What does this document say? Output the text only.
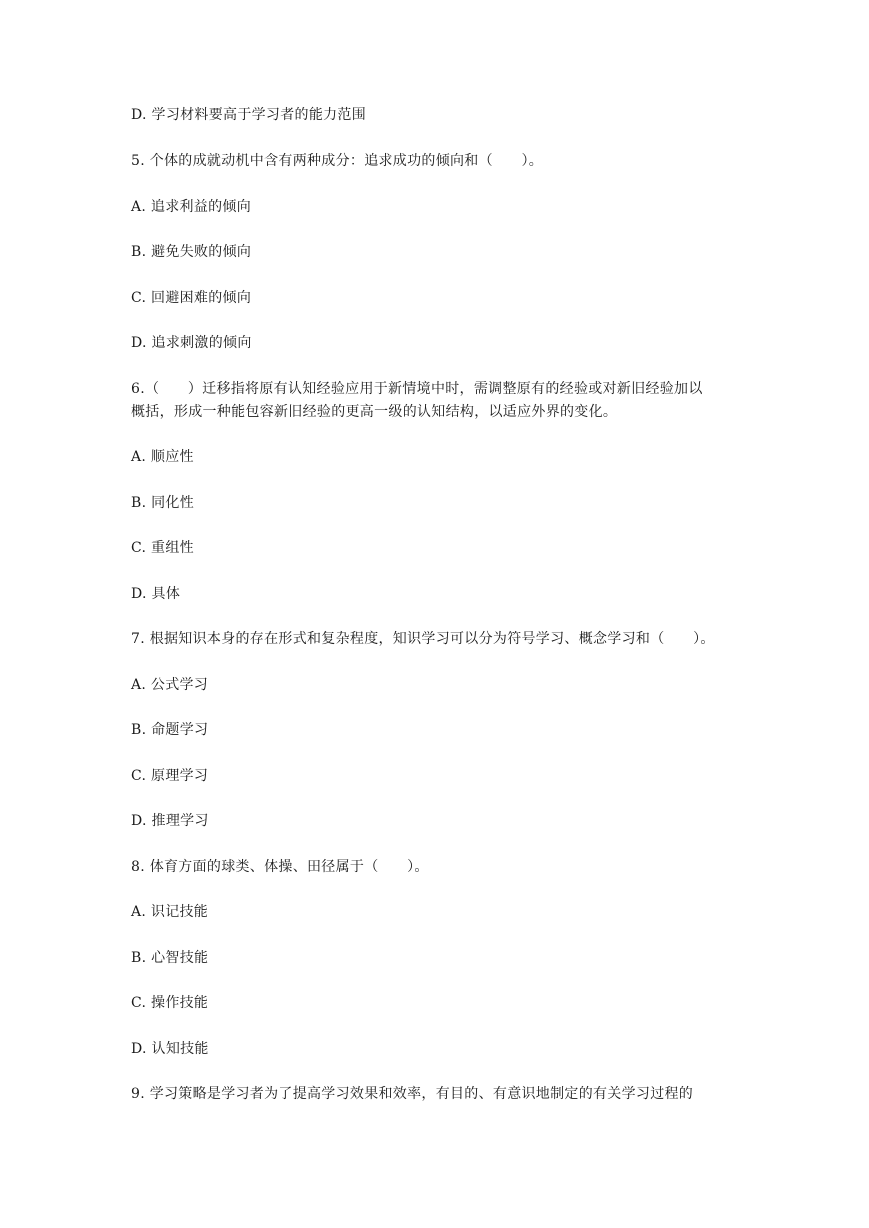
D. 学习材料要高于学习者的能力范围
5. 个体的成就动机中含有两种成分：追求成功的倾向和（　　）。
A. 追求利益的倾向
B. 避免失败的倾向
C. 回避困难的倾向
D. 追求刺激的倾向
6.（　　）迁移指将原有认知经验应用于新情境中时，需调整原有的经验或对新旧经验加以
概括，形成一种能包容新旧经验的更高一级的认知结构，以适应外界的变化。
A. 顺应性
B. 同化性
C. 重组性
D. 具体
7. 根据知识本身的存在形式和复杂程度，知识学习可以分为符号学习、概念学习和（　　）。
A. 公式学习
B. 命题学习
C. 原理学习
D. 推理学习
8. 体育方面的球类、体操、田径属于（　　）。
A. 识记技能
B. 心智技能
C. 操作技能
D. 认知技能
9. 学习策略是学习者为了提高学习效果和效率，有目的、有意识地制定的有关学习过程的
